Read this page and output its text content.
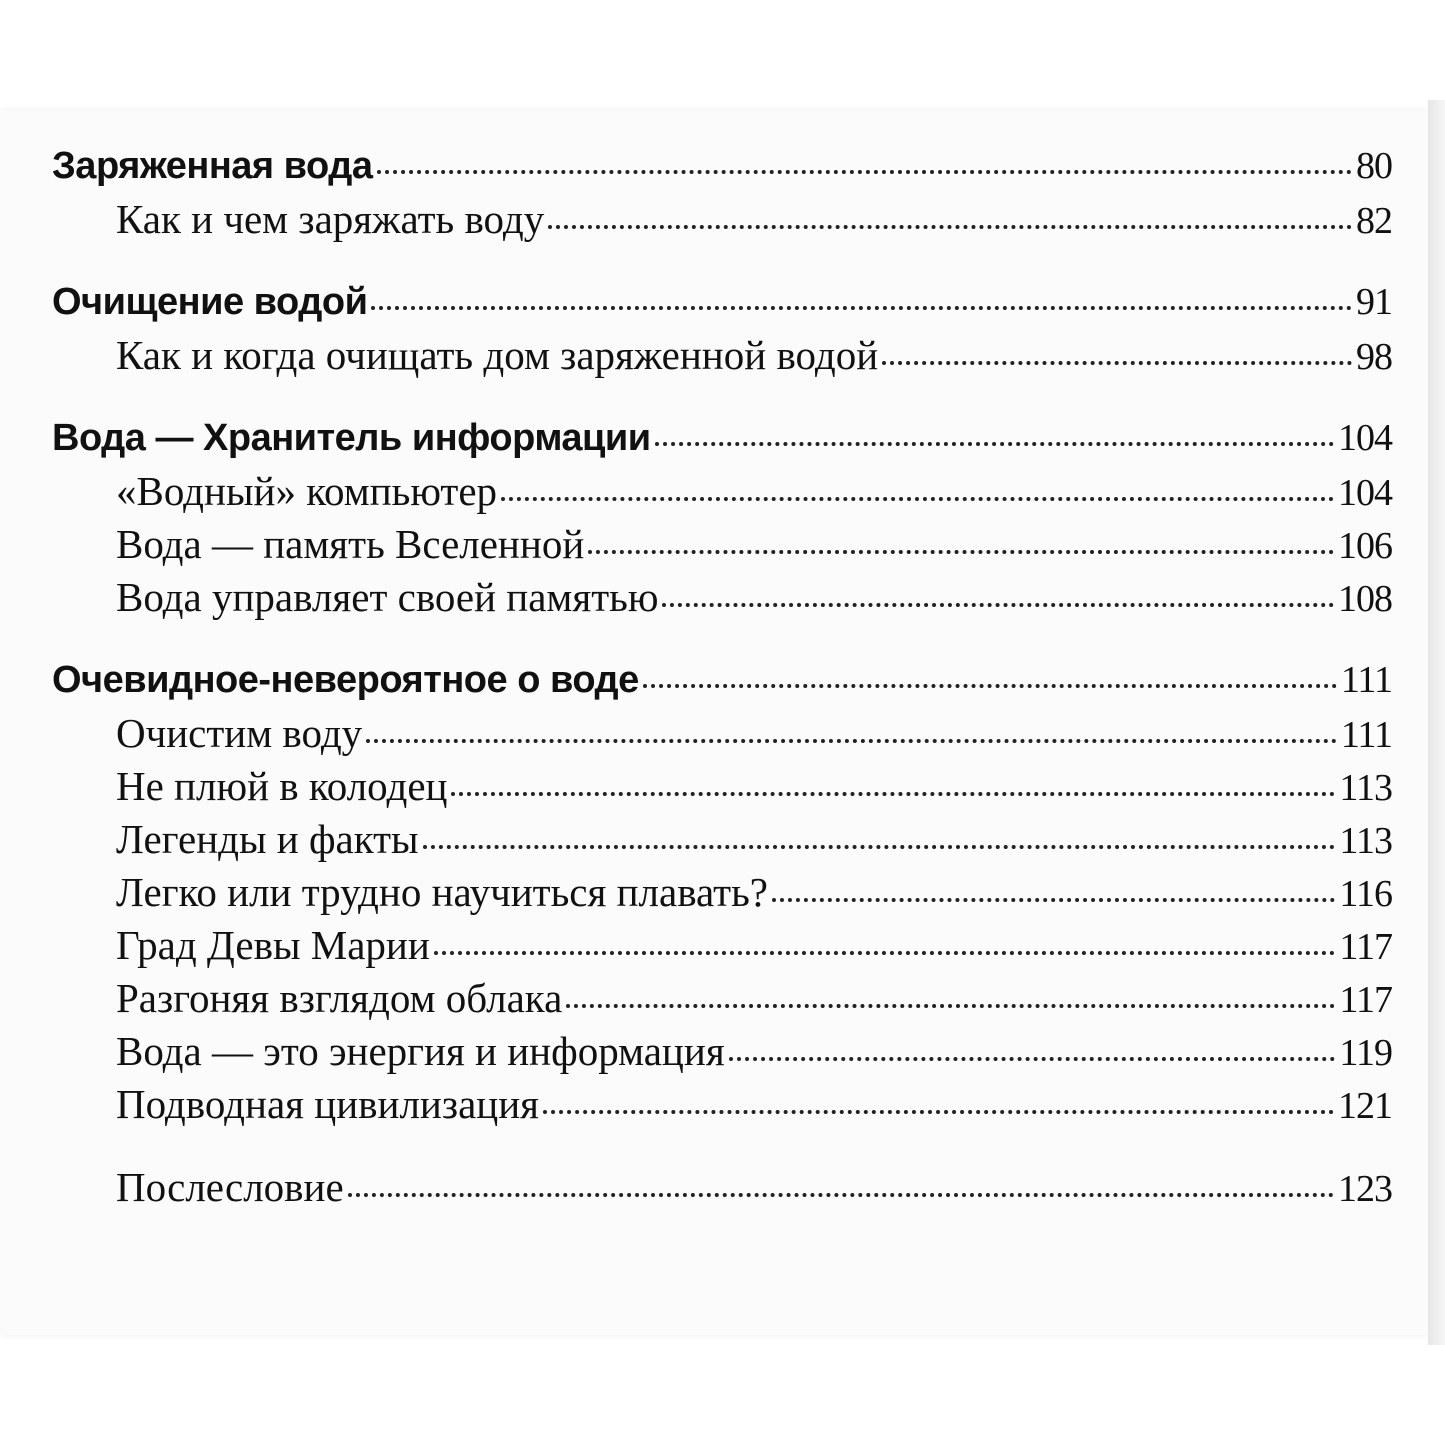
Заряженная вода	80
Как и чем заряжать воду	82
Очищение водой	91
Как и когда очищать дом заряженной водой	98
Вода — Хранитель информации	104
«Водный» компьютер	104
Вода — память Вселенной	106
Вода управляет своей памятью	108
Очевидное-невероятное о воде	111
Очистим воду	111
Не плюй в колодец	113
Легенды и факты	113
Легко или трудно научиться плавать?	116
Град Девы Марии	117
Разгоняя взглядом облака	117
Вода — это энергия и информация	119
Подводная цивилизация	121
Послесловие	123
